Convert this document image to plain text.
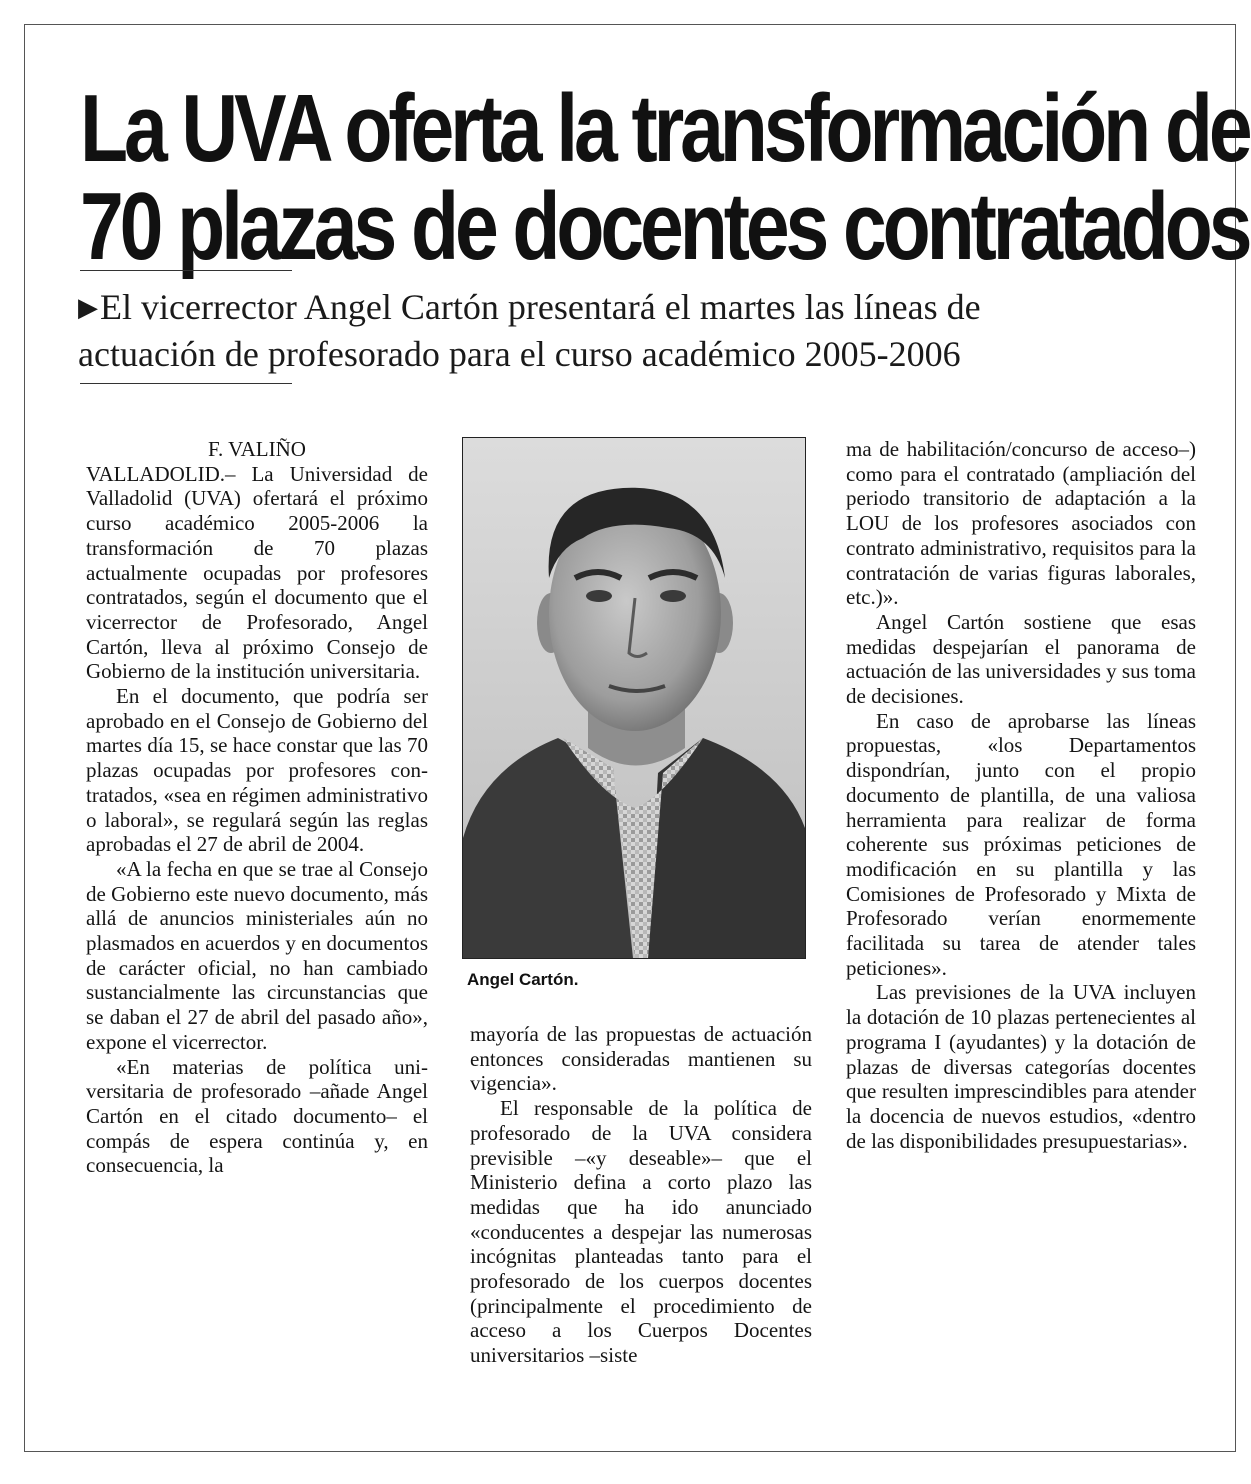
La UVA oferta la transformación de
70 plazas de docentes contratados
▶El vicerrector Angel Cartón presentará el martes las líneas de
actuación de profesorado para el curso académico 2005-2006

F. VALIÑO

VALLADOLID.– La Universidad de Valladolid (UVA) ofertará el próximo curso académico 2005-2006 la transformación de 70 plazas actualmente ocupadas por profesores contratados, según el documento que el vicerrector de Profesorado, Angel Cartón, lleva al próximo Consejo de Gobierno de la institución universitaria.

En el documento, que podría ser aprobado en el Consejo de Gobierno del martes día 15, se hace constar que las 70 plazas ocupadas por profesores contratados, «sea en régimen administrativo o laboral», se regulará según las reglas aprobadas el 27 de abril de 2004.

«A la fecha en que se trae al Consejo de Gobierno este nuevo documento, más allá de anuncios ministeriales aún no plasmados en acuerdos y en documentos de carácter oficial, no han cambiado sustancialmente las circunstancias que se daban el 27 de abril del pasado año», expone el vicerrector.

«En materias de política universitaria de profesorado –añade Angel Cartón en el citado documento– el compás de espera continúa y, en consecuencia, la

Angel Cartón.

mayoría de las propuestas de actuación entonces consideradas mantienen su vigencia».

El responsable de la política de profesorado de la UVA considera previsible –«y deseable»– que el Ministerio defina a corto plazo las medidas que ha ido anunciado «conducentes a despejar las numerosas incógnitas planteadas tanto para el profesorado de los cuerpos docentes (principalmente el procedimiento de acceso a los Cuerpos Docentes universitarios –siste

ma de habilitación/concurso de acceso–) como para el contratado (ampliación del periodo transitorio de adaptación a la LOU de los profesores asociados con contrato administrativo, requisitos para la contratación de varias figuras laborales, etc.)».

Angel Cartón sostiene que esas medidas despejarían el panorama de actuación de las universidades y sus toma de decisiones.

En caso de aprobarse las líneas propuestas, «los Departamentos dispondrían, junto con el propio documento de plantilla, de una valiosa herramienta para realizar de forma coherente sus próximas peticiones de modificación en su plantilla y las Comisiones de Profesorado y Mixta de Profesorado verían enormemente facilitada su tarea de atender tales peticiones».

Las previsiones de la UVA incluyen la dotación de 10 plazas pertenecientes al programa I (ayudantes) y la dotación de plazas de diversas categorías docentes que resulten imprescindibles para atender la docencia de nuevos estudios, «dentro de las disponibilidades presupuestarias».
